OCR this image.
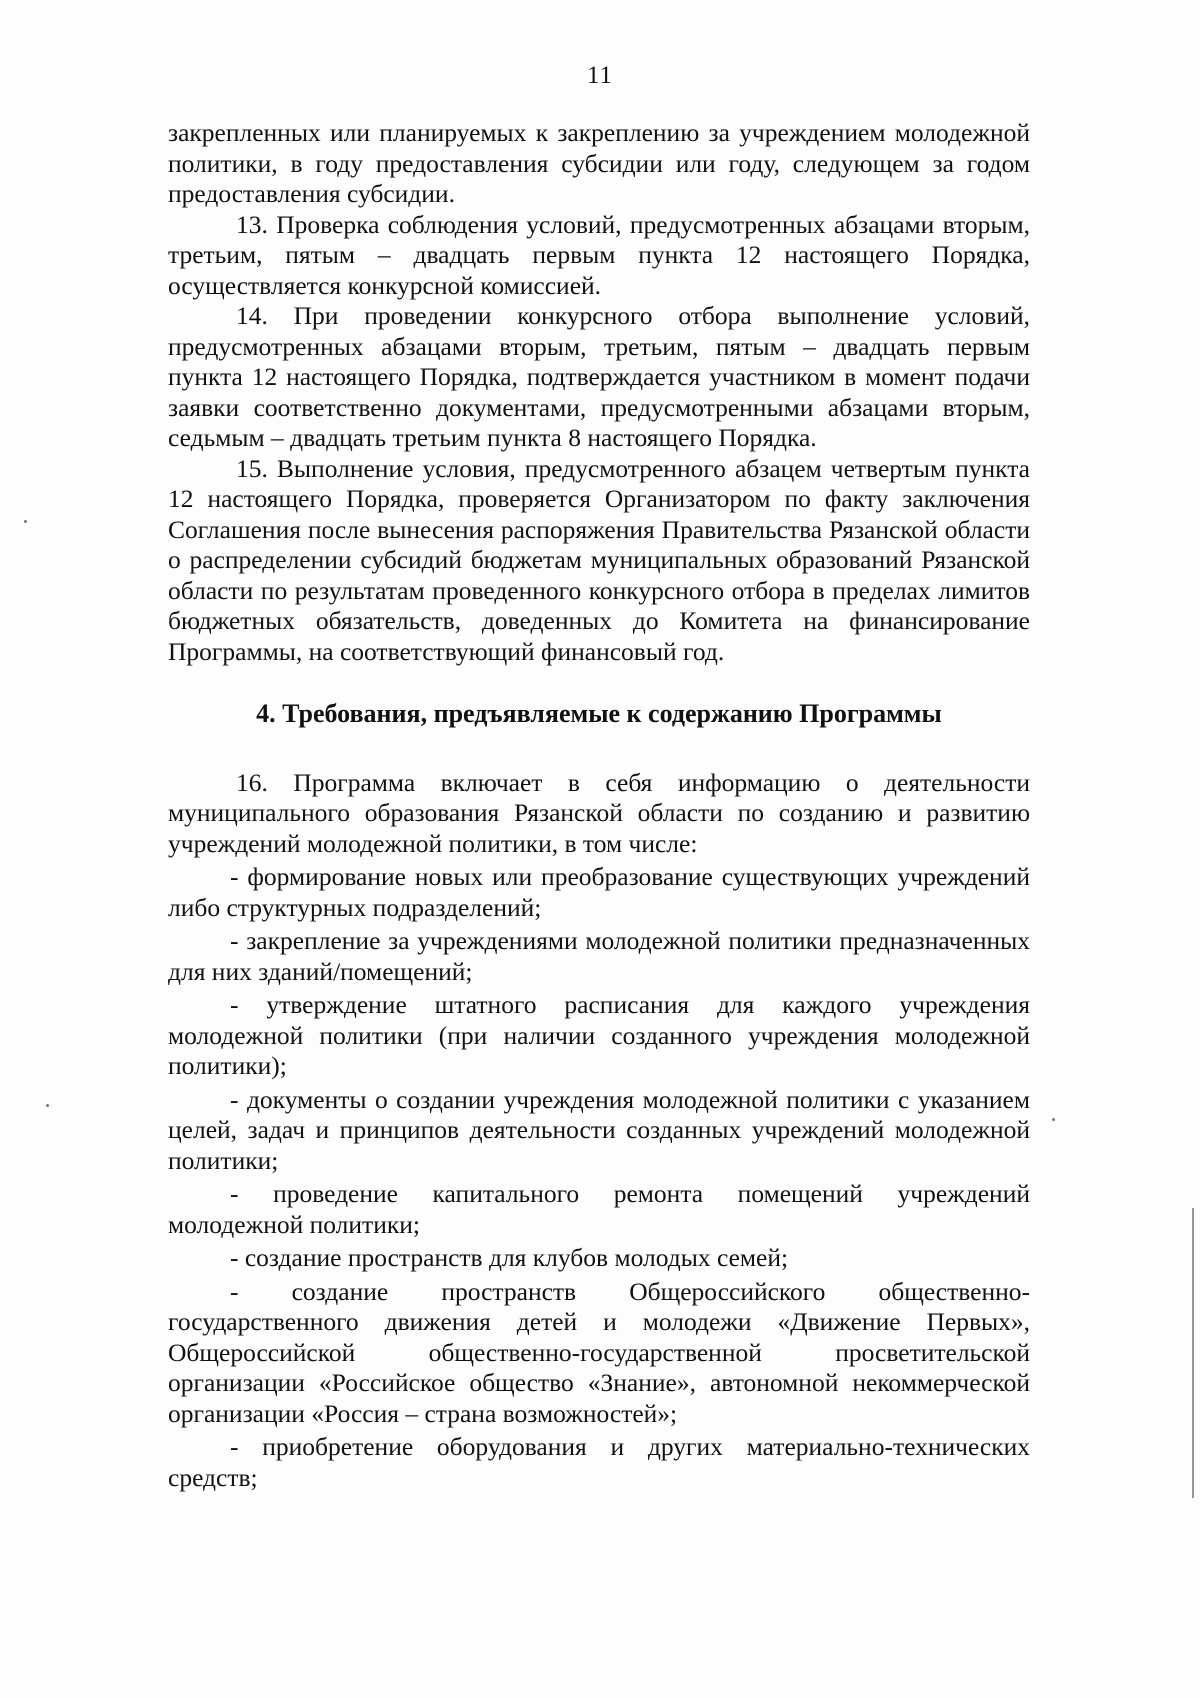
11

закрепленных или планируемых к закреплению за учреждением молодежной политики, в году предоставления субсидии или году, следующем за годом предоставления субсидии.

13. Проверка соблюдения условий, предусмотренных абзацами вторым, третьим, пятым – двадцать первым пункта 12 настоящего Порядка, осуществляется конкурсной комиссией.

14. При проведении конкурсного отбора выполнение условий, предусмотренных абзацами вторым, третьим, пятым – двадцать первым пункта 12 настоящего Порядка, подтверждается участником в момент подачи заявки соответственно документами, предусмотренными абзацами вторым, седьмым – двадцать третьим пункта 8 настоящего Порядка.

15. Выполнение условия, предусмотренного абзацем четвертым пункта 12 настоящего Порядка, проверяется Организатором по факту заключения Соглашения после вынесения распоряжения Правительства Рязанской области о распределении субсидий бюджетам муниципальных образований Рязанской области по результатам проведенного конкурсного отбора в пределах лимитов бюджетных обязательств, доведенных до Комитета на финансирование Программы, на соответствующий финансовый год.

4. Требования, предъявляемые к содержанию Программы

16. Программа включает в себя информацию о деятельности муниципального образования Рязанской области по созданию и развитию учреждений молодежной политики, в том числе:

- формирование новых или преобразование существующих учреждений либо структурных подразделений;

- закрепление за учреждениями молодежной политики предназначенных для них зданий/помещений;

- утверждение штатного расписания для каждого учреждения молодежной политики (при наличии созданного учреждения молодежной политики);

- документы о создании учреждения молодежной политики с указанием целей, задач и принципов деятельности созданных учреждений молодежной политики;

- проведение капитального ремонта помещений учреждений молодежной политики;

- создание пространств для клубов молодых семей;

- создание пространств Общероссийского общественно-государственного движения детей и молодежи «Движение Первых», Общероссийской общественно-государственной просветительской организации «Российское общество «Знание», автономной некоммерческой организации «Россия – страна возможностей»;

- приобретение оборудования и других материально-технических средств;
